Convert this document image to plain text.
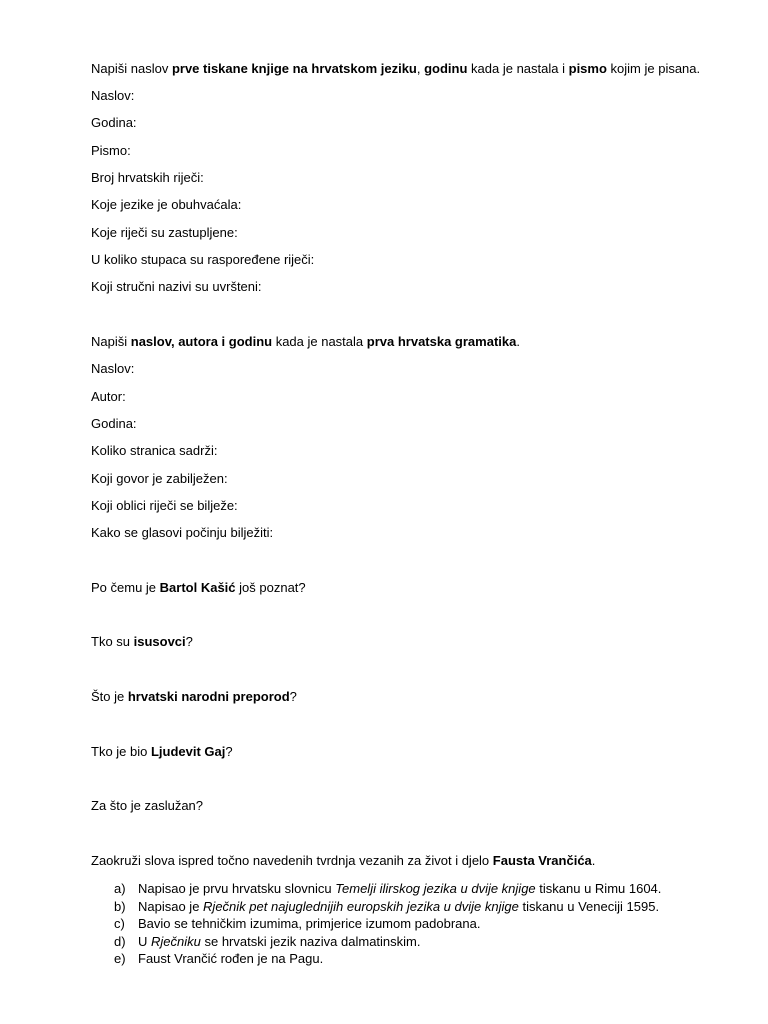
Napiši naslov prve tiskane knjige na hrvatskom jeziku, godinu kada je nastala i pismo kojim je pisana.
Naslov:
Godina:
Pismo:
Broj hrvatskih riječi:
Koje jezike je obuhvaćala:
Koje riječi su zastupljene:
U koliko stupaca su raspoređene riječi:
Koji stručni nazivi su uvršteni:
Napiši naslov, autora i godinu kada je nastala prva hrvatska gramatika.
Naslov:
Autor:
Godina:
Koliko stranica sadrži:
Koji govor je zabilježen:
Koji oblici riječi se bilježe:
Kako se glasovi počinju bilježiti:
Po čemu je Bartol Kašić još poznat?
Tko su isusovci?
Što je hrvatski narodni preporod?
Tko je bio Ljudevit Gaj?
Za što je zaslužan?
Zaokruži slova ispred točno navedenih tvrdnja vezanih za život i djelo Fausta Vrančića.
a) Napisao je prvu hrvatsku slovnicu Temelji ilirskog jezika u dvije knjige tiskanu u Rimu 1604.
b) Napisao je Rječnik pet najuglednijih europskih jezika u dvije knjige tiskanu u Veneciji 1595.
c) Bavio se tehničkim izumima, primjerice izumom padobrana.
d) U Rječniku se hrvatski jezik naziva dalmatinskim.
e) Faust Vrančić rođen je na Pagu.
